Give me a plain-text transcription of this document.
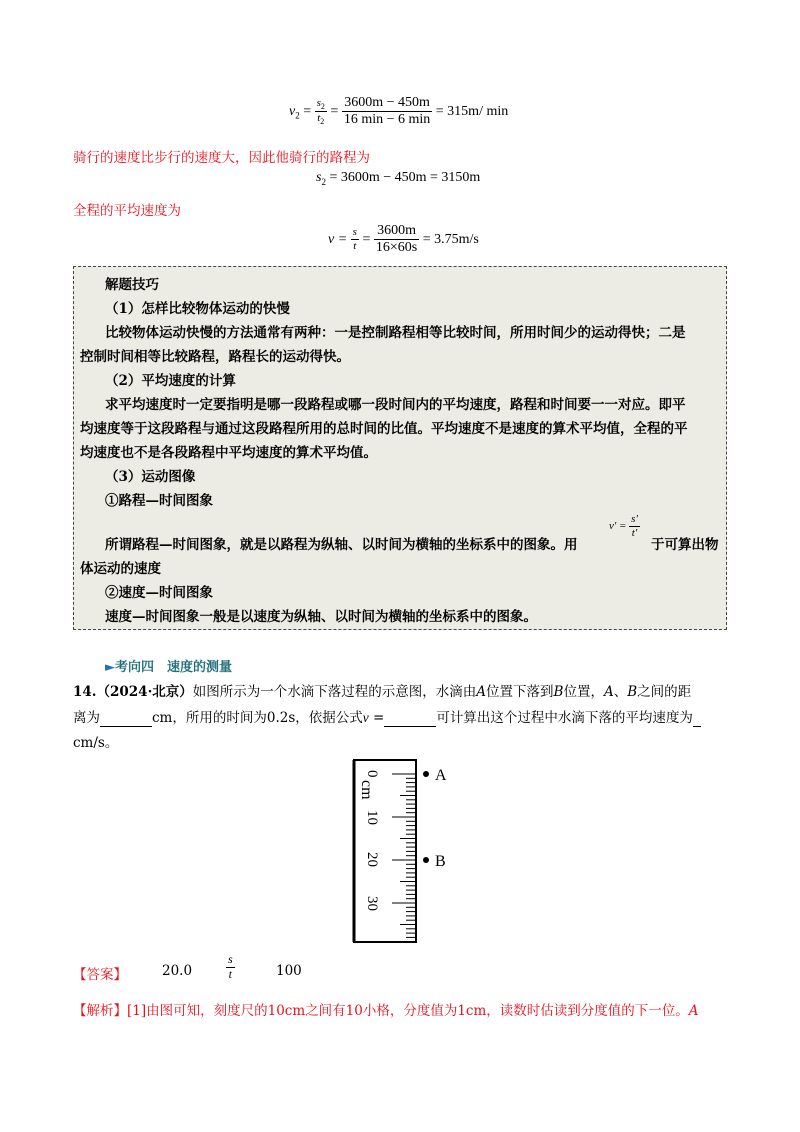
$v_2 = \frac{s_2}{t_2} = \frac{3600m - 450m}{16 \min - 6 \min} = 315m/$ min
骑行的速度比步行的速度大，因此他骑行的路程为
$s_2 = 3600m - 450m = 3150m$
全程的平均速度为
$v = \frac{s}{t} = \frac{3600m}{16\times 60s} = 3.75m/s$
解题技巧
（1）怎样比较物体运动的快慢
比较物体运动快慢的方法通常有两种：一是控制路程相等比较时间，所用时间少的运动得快；二是
控制时间相等比较路程，路程长的运动得快。
（2）平均速度的计算
求平均速度时一定要指明是哪一段路程或哪一段时间内的平均速度，路程和时间要一一对应。即平
均速度等于这段路程与通过这段路程所用的总时间的比值。平均速度不是速度的算术平均值，全程的平
均速度也不是各段路程中平均速度的算术平均值。
（3）运动图像
①路程—时间图象
所谓路程—时间图象，就是以路程为纵轴、以时间为横轴的坐标系中的图象。用
$v' = \frac{s'}{t'}$
于可算出物
体运动的速度
②速度—时间图象
速度—时间图象一般是以速度为纵轴、以时间为横轴的坐标系中的图象。
►考向四　速度的测量
14.（2024·北京）如图所示为一个水滴下落过程的示意图，水滴由A位置下落到B位置，A、B之间的距
离为	cm，所用的时间为0.2s，依据公式v =	可计算出这个过程中水滴下落的平均速度为
cm/s。
cm
0
10
20
30
A
B
【答案】	20.0	$\frac{s}{t}$	100
【解析】[1]由图可知，刻度尺的10cm之间有10小格，分度值为1cm，读数时估读到分度值的下一位。A
